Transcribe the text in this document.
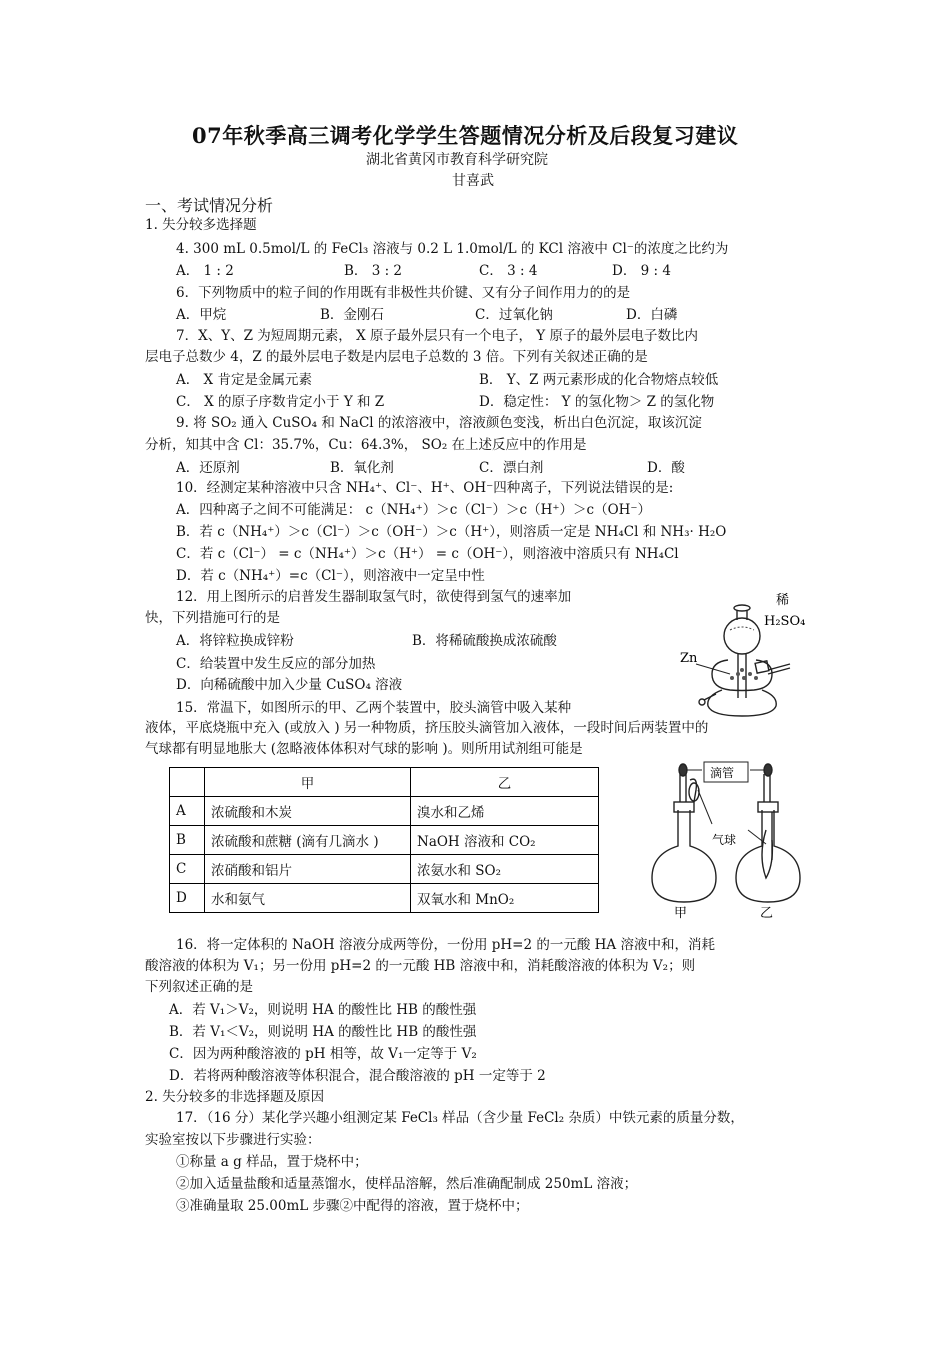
07年秋季高三调考化学学生答题情况分析及后段复习建议
湖北省黄冈市教育科学研究院
甘喜武
一、考试情况分析
1. 失分较多选择题
4. 300 mL 0.5mol/L 的 FeCl₃ 溶液与 0.2 L 1.0mol/L 的 KCl 溶液中 Cl⁻的浓度之比约为
A． 1 : 2	B． 3 : 2	C． 3 : 4	D． 9 : 4
6．下列物质中的粒子间的作用既有非极性共价键、又有分子间作用力的的是
A．甲烷	B．金刚石	C．过氧化钠	D．白磷
7．X、Y、Z 为短周期元素， X 原子最外层只有一个电子， Y 原子的最外层电子数比内
层电子总数少 4，Z 的最外层电子数是内层电子总数的 3 倍。下列有关叙述正确的是
A． X 肯定是金属元素	B． Y、Z 两元素形成的化合物熔点较低
C． X 的原子序数肯定小于 Y 和 Z	D．稳定性： Y 的氢化物＞ Z 的氢化物
9. 将 SO₂ 通入 CuSO₄ 和 NaCl 的浓溶液中，溶液颜色变浅，析出白色沉淀，取该沉淀
分析，知其中含 Cl：35.7%，Cu：64.3%， SO₂ 在上述反应中的作用是
A．还原剂	B．氧化剂	C．漂白剂	D．酸
10．经测定某种溶液中只含 NH₄⁺、Cl⁻、H⁺、OH⁻四种离子，下列说法错误的是:
A．四种离子之间不可能满足： c（NH₄⁺）＞c（Cl⁻）＞c（H⁺）＞c（OH⁻）
B．若 c（NH₄⁺）＞c（Cl⁻）＞c（OH⁻）＞c（H⁺），则溶质一定是 NH₄Cl 和 NH₃· H₂O
C．若 c（Cl⁻） = c（NH₄⁺）＞c（H⁺） = c（OH⁻），则溶液中溶质只有 NH₄Cl
D．若 c（NH₄⁺）=c（Cl⁻），则溶液中一定呈中性
12．用上图所示的启普发生器制取氢气时，欲使得到氢气的速率加
快，下列措施可行的是
A．将锌粒换成锌粉	B．将稀硫酸换成浓硫酸
C．给装置中发生反应的部分加热
D．向稀硫酸中加入少量 CuSO₄ 溶液
稀
H₂SO₄
Zn
15．常温下，如图所示的甲、乙两个装置中，胶头滴管中吸入某种
液体，平底烧瓶中充入 (或放入 ) 另一种物质，挤压胶头滴管加入液体，一段时间后两装置中的
气球都有明显地胀大 (忽略液体体积对气球的影响 )。则所用试剂组可能是
	甲	乙
A	浓硫酸和木炭	溴水和乙烯
B	浓硫酸和蔗糖 (滴有几滴水 )	NaOH 溶液和 CO₂
C	浓硝酸和铝片	浓氨水和 SO₂
D	水和氨气	双氧水和 MnO₂
滴管
气球
甲	乙
16．将一定体积的 NaOH 溶液分成两等份，一份用 pH=2 的一元酸 HA 溶液中和，消耗
酸溶液的体积为 V₁；另一份用 pH=2 的一元酸 HB 溶液中和，消耗酸溶液的体积为 V₂；则
下列叙述正确的是
A．若 V₁＞V₂，则说明 HA 的酸性比 HB 的酸性强
B．若 V₁＜V₂，则说明 HA 的酸性比 HB 的酸性强
C．因为两种酸溶液的 pH 相等，故 V₁一定等于 V₂
D．若将两种酸溶液等体积混合，混合酸溶液的 pH 一定等于 2
2. 失分较多的非选择题及原因
17．（16 分）某化学兴趣小组测定某 FeCl₃ 样品（含少量 FeCl₂ 杂质）中铁元素的质量分数，
实验室按以下步骤进行实验：
①称量 a g 样品，置于烧杯中；
②加入适量盐酸和适量蒸馏水，使样品溶解，然后准确配制成 250mL 溶液；
③准确量取 25.00mL 步骤②中配得的溶液，置于烧杯中；
